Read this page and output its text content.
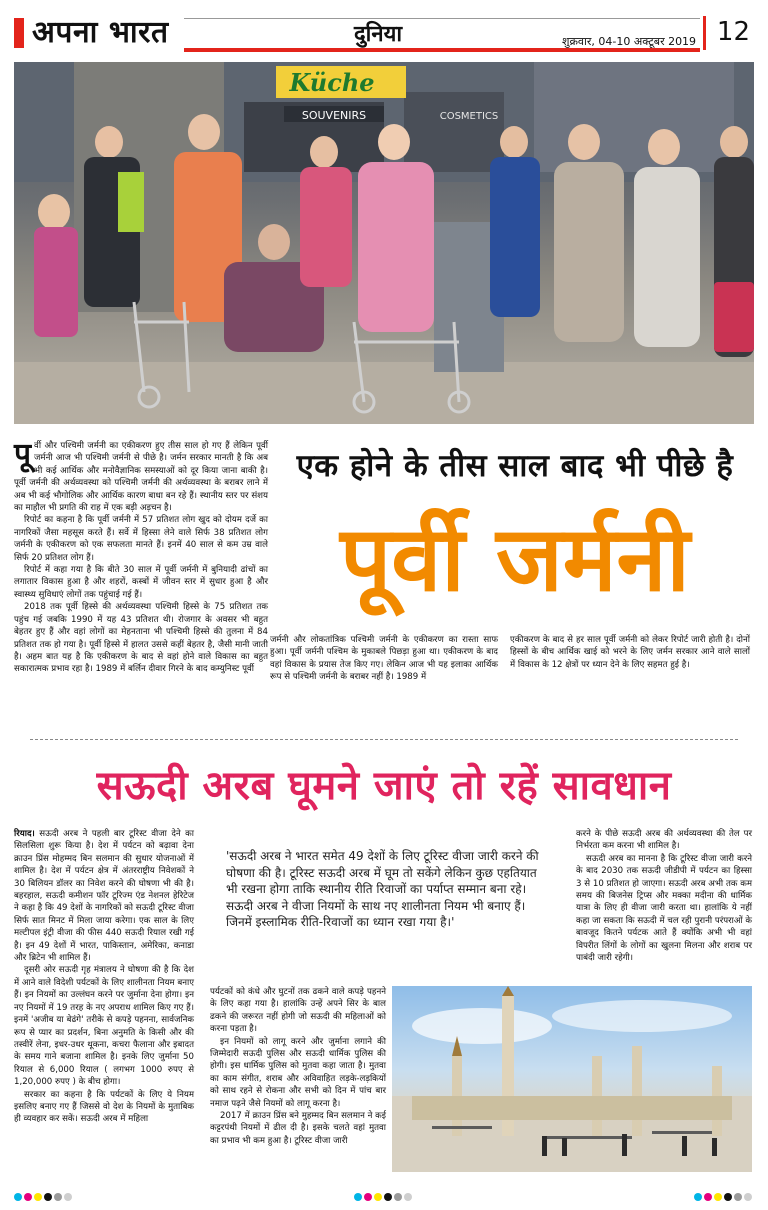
अपना भारत	दुनिया	शुक्रवार, 04-10 अक्टूबर 2019 12
Küche
SOUVENIRS	COSMETICS

पूर्वी और पश्चिमी जर्मनी का एकीकरण हुए तीस साल हो गए हैं लेकिन पूर्वी जर्मनी आज भी पश्चिमी जर्मनी से पीछे है। जर्मन सरकार मानती है कि अब भी कई आर्थिक और मनोवैज्ञानिक समस्याओं को दूर किया जाना बाकी है। पूर्वी जर्मनी की अर्थव्यवस्था को पश्चिमी जर्मनी की अर्थव्यवस्था के बराबर लाने में अब भी कई भौगोलिक और आर्थिक कारण बाधा बन रहे हैं। स्थानीय स्तर पर संशय का माहौल भी प्रगति की राह में एक बड़ी अड़चन है।

रिपोर्ट का कहना है कि पूर्वी जर्मनी में 57 प्रतिशत लोग खुद को दोयम दर्जे का नागरिकों जैसा महसूस करते हैं। सर्वे में हिस्सा लेने वाले सिर्फ 38 प्रतिशत लोग जर्मनी के एकीकरण को एक सफलता मानते हैं। इनमें 40 साल से कम उम्र वाले सिर्फ 20 प्रतिशत लोग हैं।

रिपोर्ट में कहा गया है कि बीते 30 साल में पूर्वी जर्मनी में बुनियादी ढांचों का लगातार विकास हुआ है और शहरों, कस्बों में जीवन स्तर में सुधार हुआ है और स्वास्थ्य सुविधाएं लोगों तक पहुंचाई गई हैं।

2018 तक पूर्वी हिस्से की अर्थव्यवस्था पश्चिमी हिस्से के 75 प्रतिशत तक पहुंच गई जबकि 1990 में यह 43 प्रतिशत थी। रोजगार के अवसर भी बहुत बेहतर हुए हैं और वहां लोगों का मेहनताना भी पश्चिमी हिस्से की तुलना में 84 प्रतिशत तक हो गया है। पूर्वी हिस्से में हालत उससे कहीं बेहतर है, जैसी मानी जाती है। अहम बात यह है कि एकीकरण के बाद से वहां होने वाले विकास का बहुत सकारात्मक प्रभाव रहा है। 1989 में बर्लिन दीवार गिरने के बाद कम्युनिस्ट पूर्वी

एक होने के तीस साल बाद भी पीछे है
पूर्वी जर्मनी

जर्मनी और लोकतांत्रिक पश्चिमी जर्मनी के एकीकरण का रास्ता साफ हुआ। पूर्वी जर्मनी पश्चिम के मुकाबले पिछड़ा हुआ था। एकीकरण के बाद वहां विकास के प्रयास तेज किए गए। लेकिन आज भी यह इलाका आर्थिक रूप से पश्चिमी जर्मनी के बराबर नहीं है। 1989 में

एकीकरण के बाद से हर साल पूर्वी जर्मनी को लेकर रिपोर्ट जारी होती है। दोनों हिस्सों के बीच आर्थिक खाई को भरने के लिए जर्मन सरकार आने वाले सालों में विकास के 12 क्षेत्रों पर ध्यान देने के लिए सहमत हुई है।

सऊदी अरब घूमने जाएं तो रहें सावधान

रियाद। सऊदी अरब ने पहली बार टूरिस्ट वीजा देने का सिलसिला शुरू किया है। देश में पर्यटन को बढ़ावा देना क्राउन प्रिंस मोहम्मद बिन सलमान की सुधार योजनाओं में शामिल है। देश में पर्यटन क्षेत्र में अंतरराष्ट्रीय निवेशकों ने 30 बिलियन डॉलर का निवेश करने की घोषणा भी की है। बहरहाल, सऊदी कमीशन फॉर टूरिज्म एंड नेशनल हेरिटेज ने कहा है कि 49 देशों के नागरिकों को सऊदी टूरिस्ट वीजा सिर्फ सात मिनट में मिला जाया करेगा। एक साल के लिए मल्टीपल इंट्री वीजा की फीस 440 सऊदी रियाल रखी गई है। इन 49 देशों में भारत, पाकिस्तान, अमेरिका, कनाडा और ब्रिटेन भी शामिल हैं।

दूसरी ओर सऊदी गृह मंत्रालय ने घोषणा की है कि देश में आने वाले विदेशी पर्यटकों के लिए शालीनता नियम बनाए हैं। इन नियमों का उल्लंघन करने पर जुर्माना देना होगा। इन नए नियमों में 19 तरह के नए अपराध शामिल किए गए हैं। इनमें 'अजीब या बेढंगे' तरीके से कपड़े पहनना, सार्वजनिक रूप से प्यार का प्रदर्शन, बिना अनुमति के किसी और की तस्वीरें लेना, इधर-उधर थूकना, कचरा फैलाना और इबादत के समय गाने बजाना शामिल है। इनके लिए जुर्माना 50 रियाल से 6,000 रियाल ( लगभग 1000 रुपए से 1,20,000 रुपए ) के बीच होगा।

सरकार का कहना है कि पर्यटकों के लिए ये नियम इसलिए बनाए गए हैं जिससे वो देश के नियमों के मुताबिक ही व्यवहार कर सकें। सऊदी अरब में महिला

'सऊदी अरब ने भारत समेत 49 देशों के लिए टूरिस्ट वीजा जारी करने की घोषणा की है। टूरिस्ट सऊदी अरब में घूम तो सकेंगे लेकिन कुछ एहतियात भी रखना होगा ताकि स्थानीय रीति रिवाजों का पर्याप्त सम्मान बना रहे। सऊदी अरब ने वीजा नियमों के साथ नए शालीनता नियम भी बनाए हैं। जिनमें इस्लामिक रीति-रिवाजों का ध्यान रखा गया है।'

करने के पीछे सऊदी अरब की अर्थव्यवस्था की तेल पर निर्भरता कम करना भी शामिल है।

सऊदी अरब का मानना है कि टूरिस्ट वीजा जारी करने के बाद 2030 तक सऊदी जीडीपी में पर्यटन का हिस्सा 3 से 10 प्रतिशत हो जाएगा। सऊदी अरब अभी तक कम समय की बिजनेस ट्रिप्स और मक्का मदीना की धार्मिक यात्रा के लिए ही वीजा जारी करता था। हालांकि ये नहीं कहा जा सकता कि सऊदी में चल रही पुरानी परंपराओं के बावजूद कितने पर्यटक आते हैं क्योंकि अभी भी वहां विपरीत लिंगों के लोगों का खुलना मिलना और शराब पर पाबंदी जारी रहेगी।

पर्यटकों को कंधे और घुटनों तक ढकने वाले कपड़े पहनने के लिए कहा गया है। हालांकि उन्हें अपने सिर के बाल ढकने की जरूरत नहीं होगी जो सऊदी की महिलाओं को करना पड़ता है।

इन नियमों को लागू करने और जुर्माना लगाने की जिम्मेदारी सऊदी पुलिस और सऊदी धार्मिक पुलिस की होगी। इस धार्मिक पुलिस को मुतवा कहा जाता है। मुतवा का काम संगीत, शराब और अविवाहित लड़के-लड़कियों को साथ रहने से रोकना और सभी को दिन में पांच बार नमाज पढ़ने जैसे नियमों को लागू करना है।

2017 में क्राउन प्रिंस बने मुहम्मद बिन सलमान ने कई कट्टरपंथी नियमों में ढील दी है। इसके चलते वहां मुतवा का प्रभाव भी कम हुआ है। टूरिस्ट वीजा जारी
